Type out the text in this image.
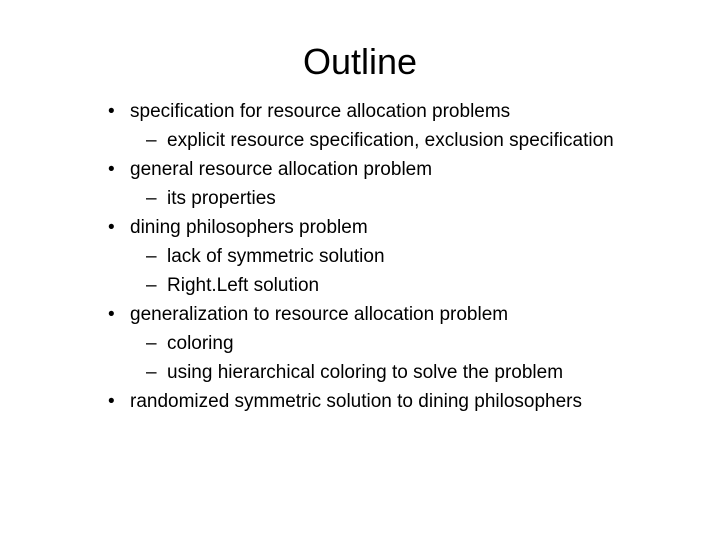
Outline
• specification for resource allocation problems
– explicit resource specification, exclusion specification
• general resource allocation problem
– its properties
• dining philosophers problem
– lack of symmetric solution
– Right.Left solution
• generalization to resource allocation problem
– coloring
– using hierarchical coloring to solve the problem
• randomized symmetric solution to dining philosophers
